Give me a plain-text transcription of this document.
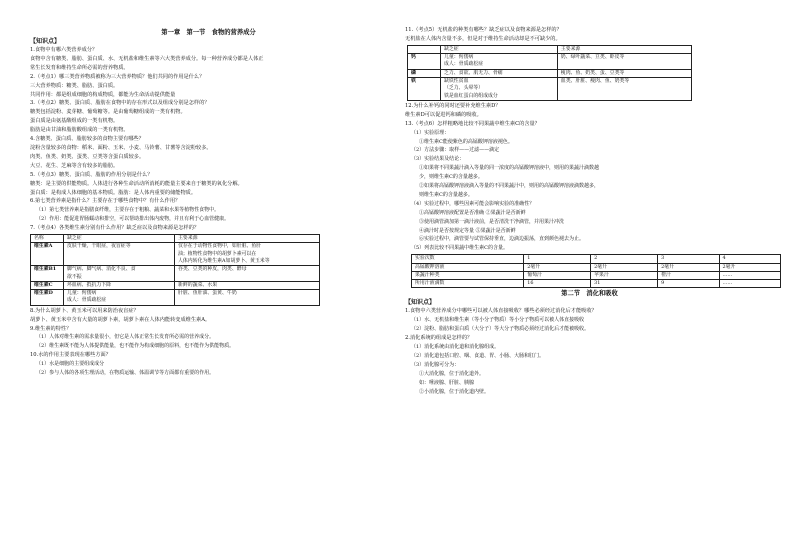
第一章　第一节　食物的营养成分
【知识点】
1.食物中有哪六类营养成分？
食物中含有糖类、脂肪、蛋白质、水、无机盐和维生素等六大类营养成分。每一种营养成分都是人体正
常生长发育和维持生命所必需的营养物质。
2.（考点1）哪三类营养物质被称为三大营养物质？他们共同的作用是什么？
三大营养物质：糖类、脂肪、蛋白质。
共同作用：都是组成细胞的构成物质，都能为生命活动提供能量
3.（考点2）糖类、蛋白质、脂肪在食物中的存在形式以及组成分别是怎样的？
糖类包括淀粉、麦芽糖、葡萄糖等。是由葡萄糖组成的一类有机物。
蛋白质是由氨基酸组成的一类有机物。
脂肪是由甘油和脂肪酸组成的一类有机物。
4.含糖类、蛋白质、脂肪较多的食物主要有哪些？
淀粉含量较多的食物：稻米、面粉、玉米、小麦、马铃薯、甘薯等含淀粉较多。
肉类、鱼类、奶类、蛋类、豆类等含蛋白质较多。
大豆、花生、芝麻等含有较多的脂肪。
5.（考点3）糖类、蛋白质、脂肪的作用分别是什么？
糖类：是主要的供能物质。人体进行各种生命活动所消耗的能量主要来自于糖类的氧化分解。
蛋白质：是构成人体细胞的基本物质。脂肪：是人体内重要的储能物质。
6.第七类营养素是指什么？主要存在于哪些食物中？有什么作用？
（1）第七类营养素是指膳食纤维，主要存在于粗粮、蔬菜和水果等植物性食物中。
（2）作用：能促进胃肠蠕动和排空，可以帮助排出体内废物，并且有利于心血管健康。
7.（考点4）各类维生素分别有什么作用？缺乏症以及食物来源是怎样的？
名称	缺乏症	主要来源
维生素A	皮肤干燥，干眼症，夜盲症等	仅存在于动物性食物中，如肝脏、鱼肝
油；植物性食物中的胡萝卜素可以在
人体内转化为维生素A如胡萝卜、黄玉米等

维生素B1	脚气病、脚气病、消化不良、食
欲不振	谷类、豆类的种皮，肉类、酵母

维生素C	坏血病、抵抗力下降	新鲜的蔬菜、水果

维生素D	儿童：佝偻病
成人：骨质疏松症	肝脏、鱼肝油、蛋黄、牛奶
8.为什么胡萝卜、黄玉米可以用来防治夜盲症？
胡萝卜、黄玉米中含有大量的胡萝卜素，胡萝卜素在人体内能转变成维生素A。
9.维生素的特性？
（1）人体对维生素的需求量很小，但它是人体正常生长发育所必需的营养成分。
（2）维生素既不能为人体提供能量，也不能作为构成细胞的原料，也不能作为供能物质。
10.水的作用主要表现在哪些方面？
（1）水是细胞的主要组成成分
（2）参与人体的各项生理活动，在物质运输、体温调节等方面都有重要的作用。
11.（考点5）无机盐的种类有哪些？缺乏症以及食物来源是怎样的？
无机盐在人体内含量不多，但是对于维持生命活动却是不可缺少的。
	缺乏症	主要来源
钙	儿童：佝偻病
成人：骨质疏松症	奶、绿叶蔬菜、豆类、虾皮等

磷	乏力、食欲、肌无力、骨痛	瘦肉、鱼、奶类、蛋、豆类等

铁	缺铁性贫血
（乏力、头晕等）
铁是血红蛋白的组成成分	血类、肝脏、瘦肉、鱼、奶类等
12.为什么补钙的同时还要补充维生素D？
维生素D可以促进钙和磷的吸收。
13.（考点6）怎样粗略地比较不同果蔬中维生素C的含量？
（1）实验原理：
①维生素C能使紫色的高锰酸钾溶液褪色。
（2）方法步骤：取样——过滤——滴定
（3）实验结果及结论：
①如果将不同果蔬汁滴入等量的同一浓度的高锰酸钾溶液中，则用的果蔬汁滴数越
少，则维生素C的含量越多。
②如果将高锰酸钾溶液滴入等量的不同果蔬汁中，则用的高锰酸钾溶液滴数越多，
则维生素C的含量越多。
（4）实验过程中，哪些因素可能会影响实验的准确性？
①高锰酸钾溶液配置是否准确 ②果蔬汁是否新鲜
③使用滴管滴加第一滴汁液前，是否清洗干净滴管，并用果汁冲洗
④滴汁时是否按规定等量 ⑤果蔬汁是否新鲜
⑥实验过程中，滴管要与试管保持垂直，边滴边振荡，直到颜色褪去为止。
（5）列表比较不同果蔬中维生素C的含量。
实验次数	1	2	3	4
高锰酸钾溶液	2毫升	2毫升	2毫升	2毫升
果蔬汁种类	葡萄汁	苹果汁	橙汁	……
所用汁液滴数	16	31	9	……
第二节　消化和吸收
【知识点】
1.食物中六类营养成分中哪些可以被人体直接吸收？哪些必须经过消化后才能吸收？
（1）水、无机盐和维生素（等小分子物质）等小分子物质可以被人体直接吸收
（2）淀粉、脂肪和蛋白质（大分子）等大分子物质必须经过消化后才能被吸收。
2.消化系统的组成是怎样的？
（1）消化系统由消化道和消化腺组成。
（2）消化道包括口腔、咽、食道、胃、小肠、大肠和肛门。
（3）消化腺可分为：
①大消化腺，位于消化道外。
如：唾液腺、肝脏、胰腺
②小消化腺，位于消化道内壁。
